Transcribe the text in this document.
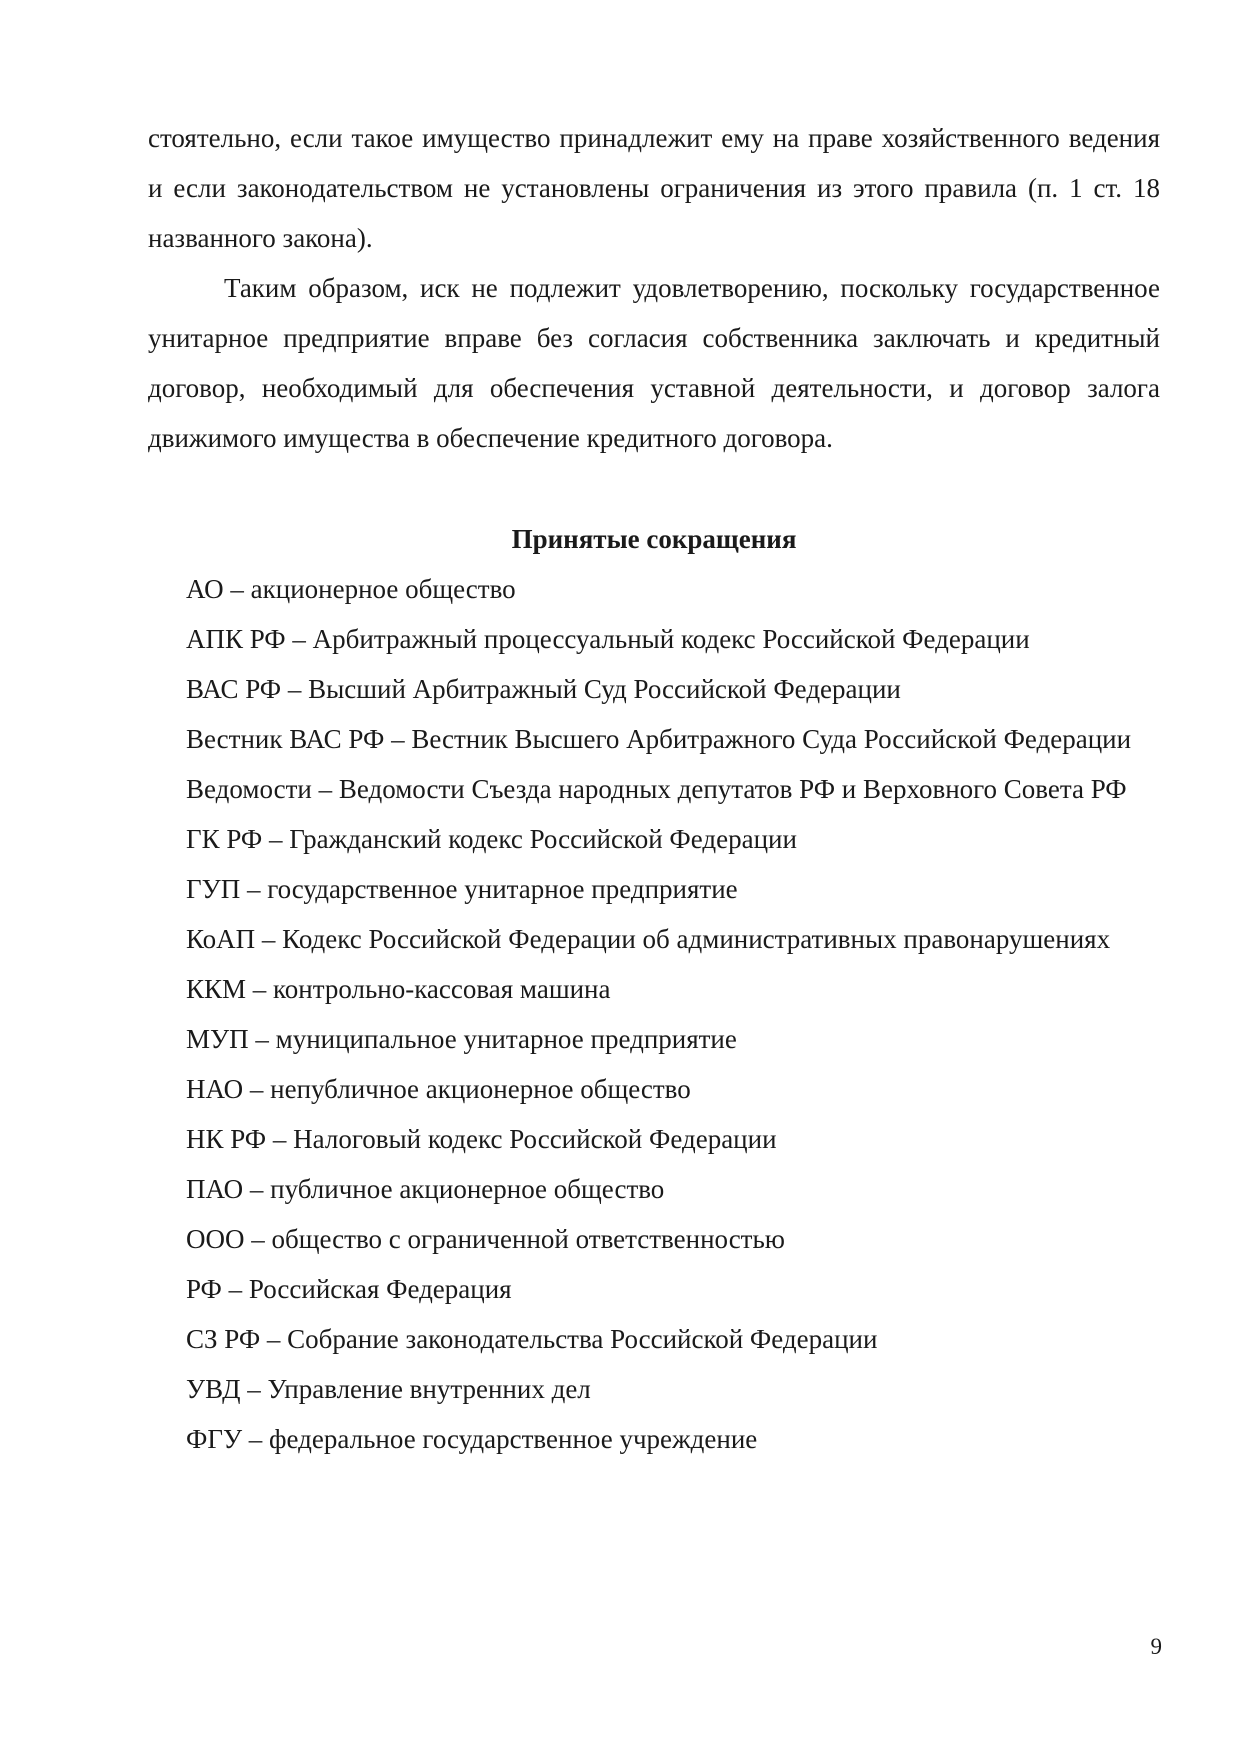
стоятельно, если такое имущество принадлежит ему на праве хозяйственного ведения и если законодательством не установлены ограничения из этого правила (п. 1 ст. 18 названного закона).

Таким образом, иск не подлежит удовлетворению, поскольку государственное унитарное предприятие вправе без согласия собственника заключать и кредитный договор, необходимый для обеспечения уставной деятельности, и договор залога движимого имущества в обеспечение кредитного договора.

Принятые сокращения
АО – акционерное общество
АПК РФ – Арбитражный процессуальный кодекс Российской Федерации
ВАС РФ – Высший Арбитражный Суд Российской Федерации
Вестник ВАС РФ – Вестник Высшего Арбитражного Суда Российской Федерации
Ведомости – Ведомости Съезда народных депутатов РФ и Верховного Совета РФ
ГК РФ – Гражданский кодекс Российской Федерации
ГУП – государственное унитарное предприятие
КоАП – Кодекс Российской Федерации об административных правонарушениях
ККМ – контрольно-кассовая машина
МУП – муниципальное унитарное предприятие
НАО – непубличное акционерное общество
НК РФ – Налоговый кодекс Российской Федерации
ПАО – публичное акционерное общество
ООО – общество с ограниченной ответственностью
РФ – Российская Федерация
СЗ РФ – Собрание законодательства Российской Федерации
УВД – Управление внутренних дел
ФГУ – федеральное государственное учреждение
9
